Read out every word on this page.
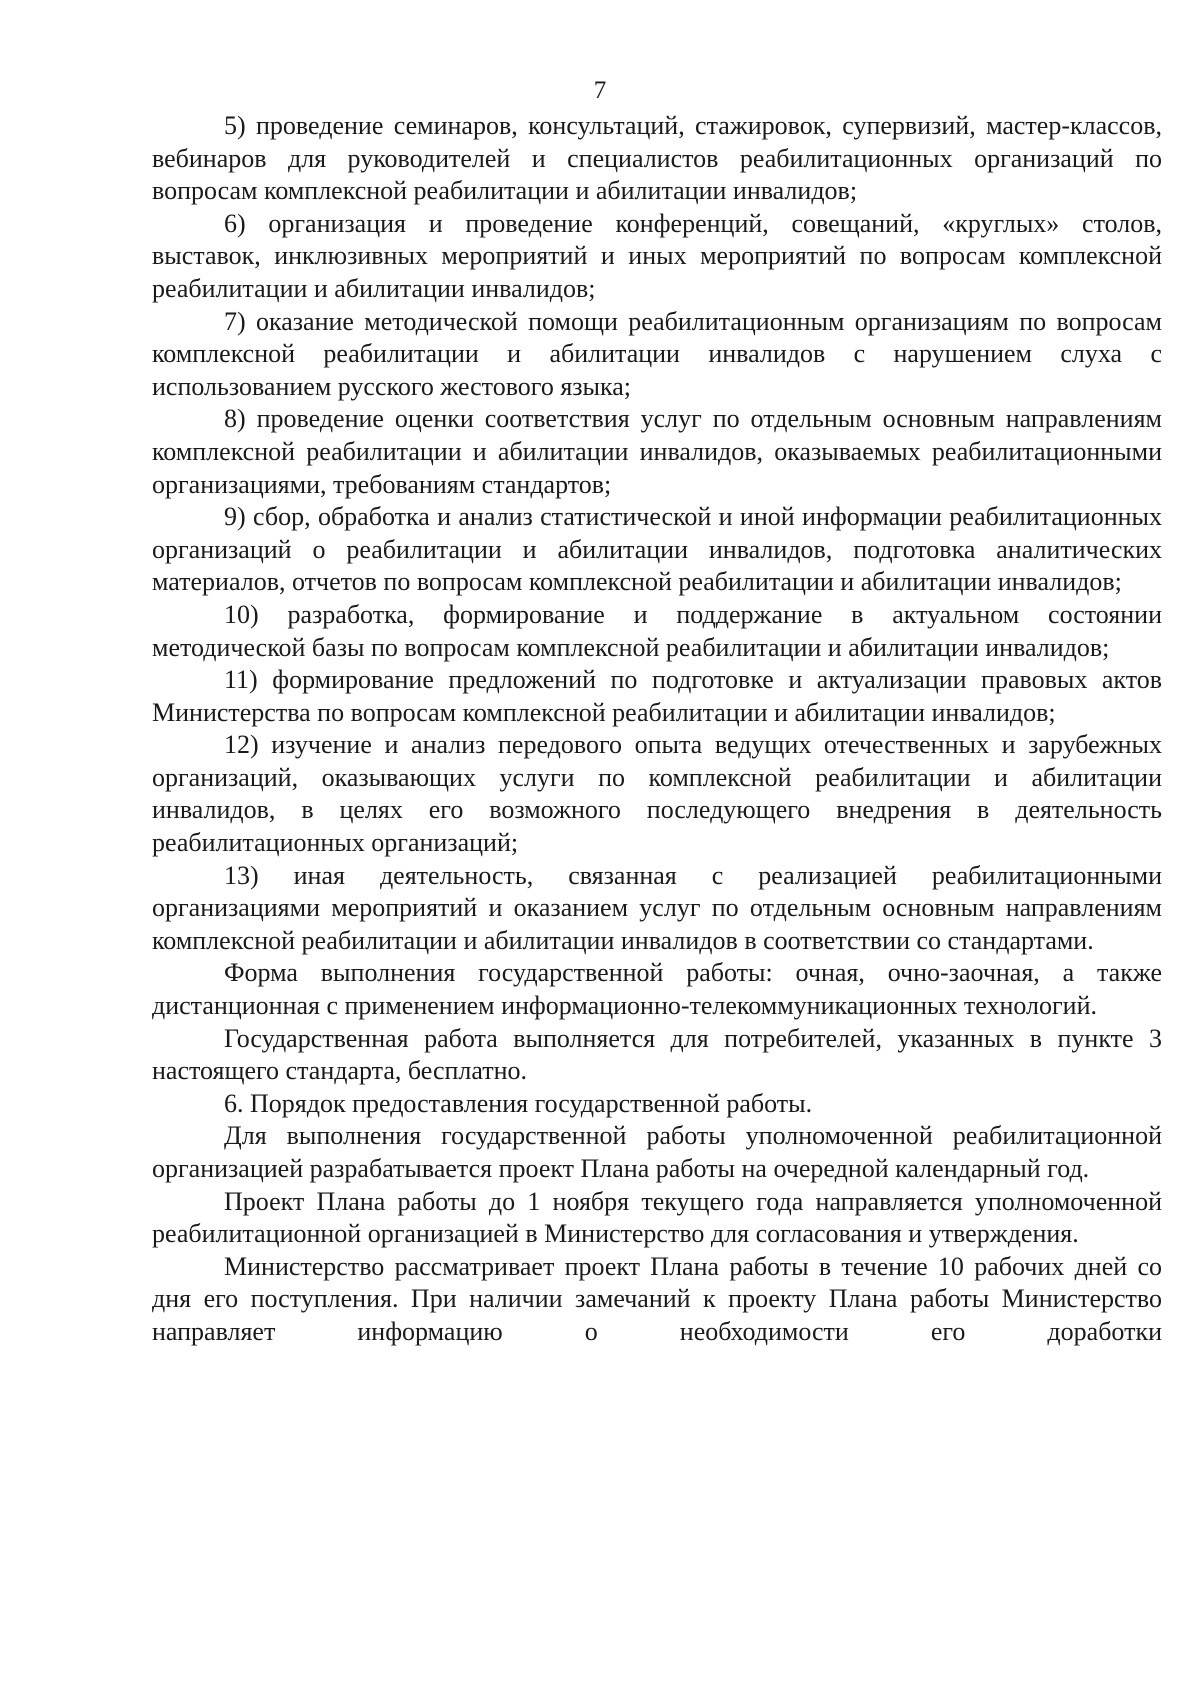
7

5) проведение семинаров, консультаций, стажировок, супервизий, мастер-классов, вебинаров для руководителей и специалистов реабилитационных организаций по вопросам комплексной реабилитации и абилитации инвалидов;

6) организация и проведение конференций, совещаний, «круглых» столов, выставок, инклюзивных мероприятий и иных мероприятий по вопросам комплексной реабилитации и абилитации инвалидов;

7) оказание методической помощи реабилитационным организациям по вопросам комплексной реабилитации и абилитации инвалидов с нарушением слуха с использованием русского жестового языка;

8) проведение оценки соответствия услуг по отдельным основным направлениям комплексной реабилитации и абилитации инвалидов, оказываемых реабилитационными организациями, требованиям стандартов;

9) сбор, обработка и анализ статистической и иной информации реабилитационных организаций о реабилитации и абилитации инвалидов, подготовка аналитических материалов, отчетов по вопросам комплексной реабилитации и абилитации инвалидов;

10) разработка, формирование и поддержание в актуальном состоянии методической базы по вопросам комплексной реабилитации и абилитации инвалидов;

11) формирование предложений по подготовке и актуализации правовых актов Министерства по вопросам комплексной реабилитации и абилитации инвалидов;

12) изучение и анализ передового опыта ведущих отечественных и зарубежных организаций, оказывающих услуги по комплексной реабилитации и абилитации инвалидов, в целях его возможного последующего внедрения в деятельность реабилитационных организаций;

13) иная деятельность, связанная с реализацией реабилитационными организациями мероприятий и оказанием услуг по отдельным основным направлениям комплексной реабилитации и абилитации инвалидов в соответствии со стандартами.

Форма выполнения государственной работы: очная, очно-заочная, а также дистанционная с применением информационно-телекоммуникационных технологий.

Государственная работа выполняется для потребителей, указанных в пункте 3 настоящего стандарта, бесплатно.

6. Порядок предоставления государственной работы.

Для выполнения государственной работы уполномоченной реабилитационной организацией разрабатывается проект Плана работы на очередной календарный год.

Проект Плана работы до 1 ноября текущего года направляется уполномоченной реабилитационной организацией в Министерство для согласования и утверждения.

Министерство рассматривает проект Плана работы в течение 10 рабочих дней со дня его поступления. При наличии замечаний к проекту Плана работы Министерство направляет информацию о необходимости его доработки
